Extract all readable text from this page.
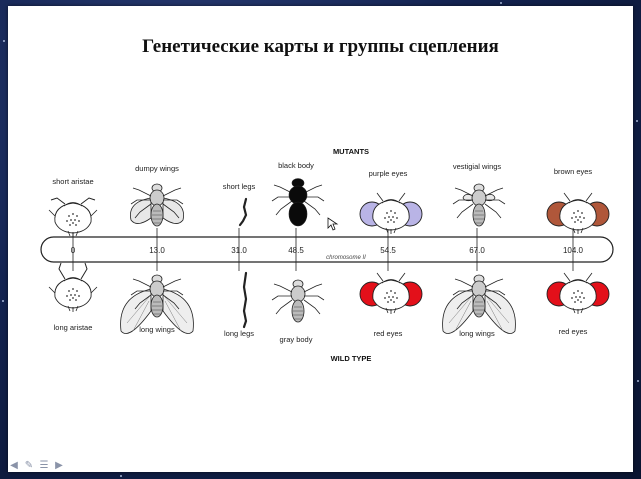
Генетические карты и группы сцепления
MUTANTS
WILD TYPE
chromosome II
0	13.0	31.0	48.5	54.5	67.0	104.0
short aristae
dumpy wings
short legs
black body
purple eyes
vestigial wings
brown eyes
long aristae	long wings	long legs
gray body
red eyes	long wings	red eyes
◀ ✎ ☰ ▶
